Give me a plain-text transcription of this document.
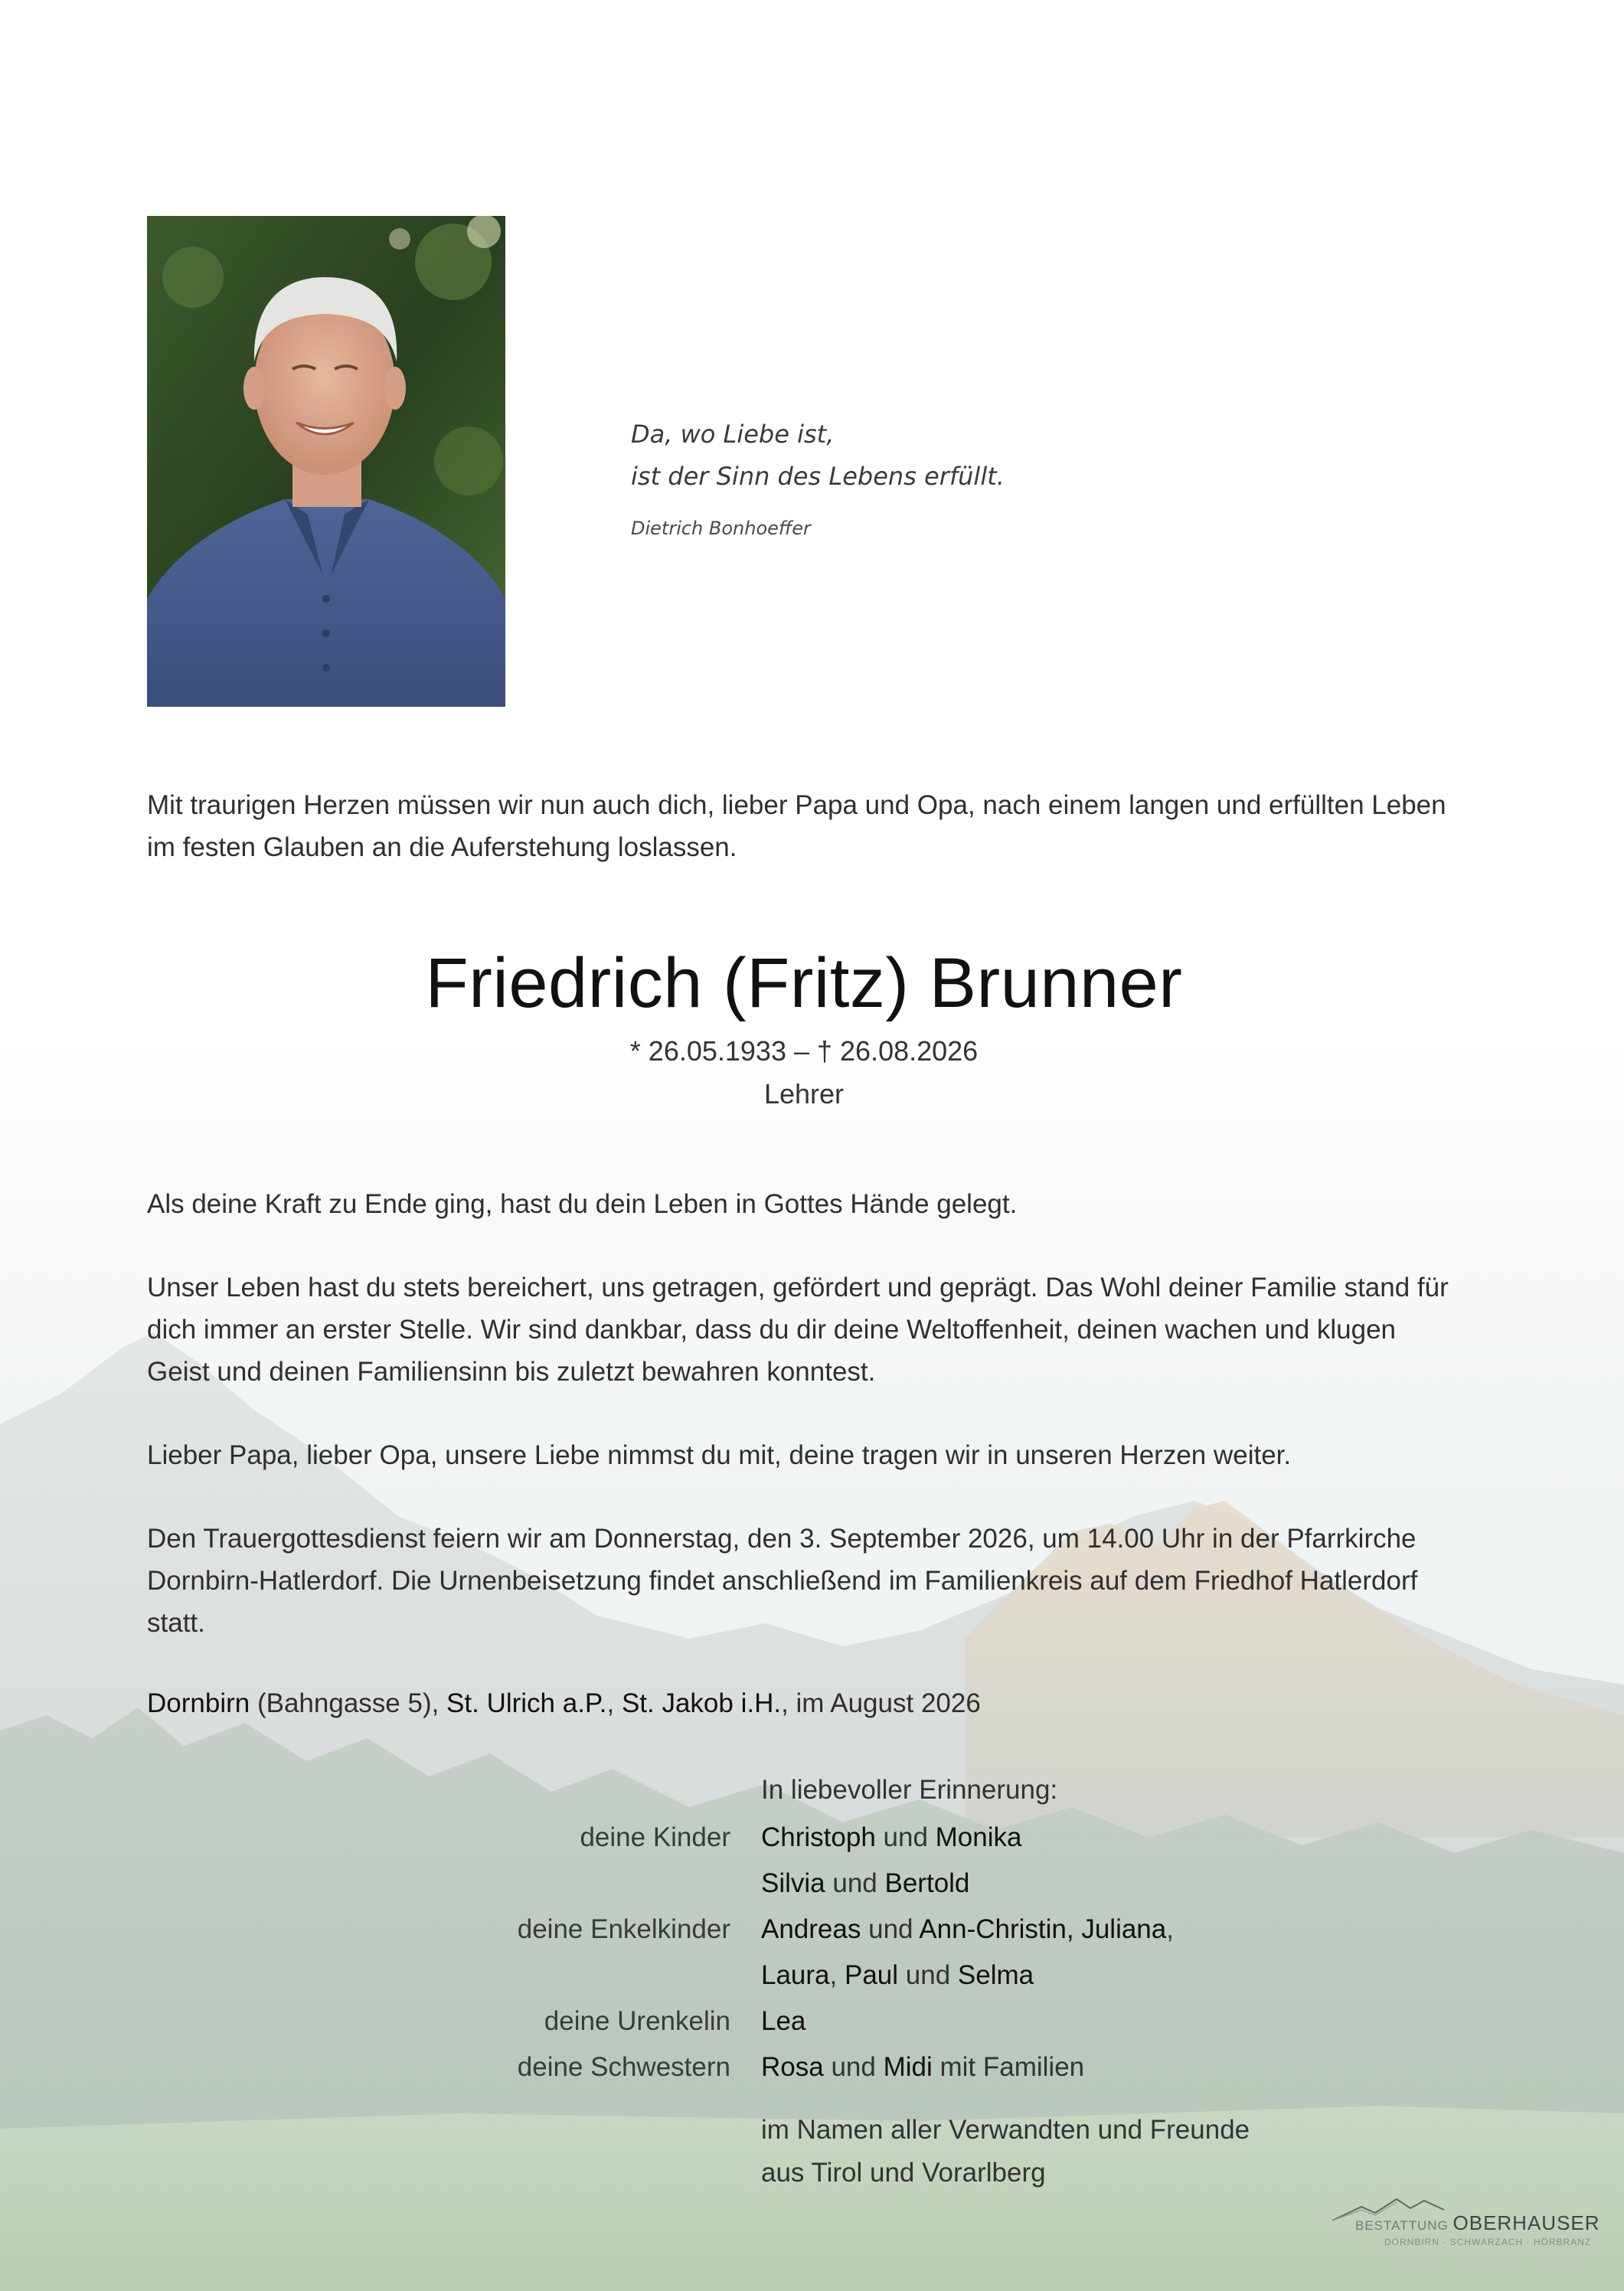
Da, wo Liebe ist,
ist der Sinn des Lebens erfüllt.
Dietrich Bonhoeffer
Mit traurigen Herzen müssen wir nun auch dich, lieber Papa und Opa, nach einem langen und erfüllten Leben
im festen Glauben an die Auferstehung loslassen.
Friedrich (Fritz) Brunner
* 26.05.1933 – † 26.08.2026
Lehrer
Als deine Kraft zu Ende ging, hast du dein Leben in Gottes Hände gelegt.
Unser Leben hast du stets bereichert, uns getragen, gefördert und geprägt. Das Wohl deiner Familie stand für
dich immer an erster Stelle. Wir sind dankbar, dass du dir deine Weltoffenheit, deinen wachen und klugen
Geist und deinen Familiensinn bis zuletzt bewahren konntest.
Lieber Papa, lieber Opa, unsere Liebe nimmst du mit, deine tragen wir in unseren Herzen weiter.
Den Trauergottesdienst feiern wir am Donnerstag, den 3. September 2026, um 14.00 Uhr in der Pfarrkirche
Dornbirn-Hatlerdorf. Die Urnenbeisetzung findet anschließend im Familienkreis auf dem Friedhof Hatlerdorf
statt.
Dornbirn (Bahngasse 5), St. Ulrich a.P., St. Jakob i.H., im August 2026
In liebevoller Erinnerung:
deine Kinder Christoph und Monika
Silvia und Bertold
deine Enkelkinder Andreas und Ann-Christin, Juliana,
Laura, Paul und Selma
deine Urenkelin Lea
deine Schwestern Rosa und Midi mit Familien
im Namen aller Verwandten und Freunde
aus Tirol und Vorarlberg
BESTATTUNG OBERHAUSER
DORNBIRN · SCHWARZACH · HÖRBRANZ
